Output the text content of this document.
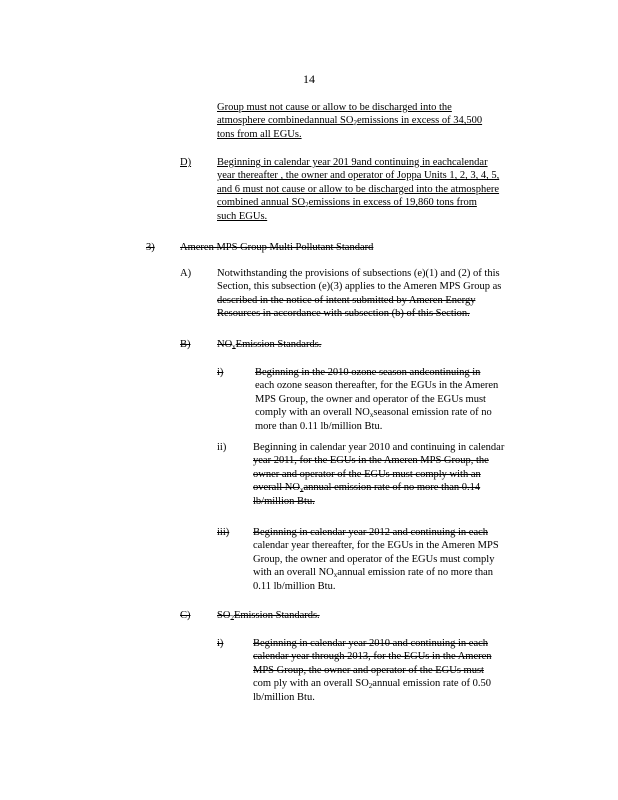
14
Group must not cause or allow to be discharged into the
atmosphere combinedannual $SO_2emissions$ in excess of 34,500
tons from all EGUs.
D) Beginning in calendar year 201 9and continuing in eachcalendar
year thereafter , the owner and operator of Joppa Units 1, 2, 3, 4, 5,
and 6 must not cause or allow to be discharged into the atmosphere
combined annual $SO_2emissions$ in excess of 19,860 tons from
such EGUs.
3) Ameren MPS Group Multi Pollutant Standard
A) Notwithstanding the provisions of subsections (e)(1) and (2) of this
Section, this subsection (e)(3) applies to the Ameren MPS Group as
described in the notice of intent submitted by Ameren Energy
Resources in accordance with subsection (b) of this Section.
B)	$NO_xEmission$ Standards.
i)	Beginning in the 2010 ozone season andcontinuing in
each ozone season thereafter, for the EGUs in the Ameren
MPS Group, the owner and operator of the EGUs must
comply with an overall $NO_xseasonal$ emission rate of no
more than 0.11 lb/million Btu.
ii)	Beginning in calendar year 2010 and continuing in calendar
year 2011, for the EGUs in the Ameren MPS Group, the
owner and operator of the EGUs must comply with an
overall $NO_xannual$ emission rate of no more than 0.14
lb/million Btu.
iii) Beginning in calendar year 2012 and continuing in each
calendar year thereafter, for the EGUs in the Ameren MPS
Group, the owner and operator of the EGUs must comply
with an overall $NO_xannual$ emission rate of no more than
0.11 lb/million Btu.
C)	$SO_2Emission$ Standards.
i)	Beginning in calendar year 2010 and continuing in each
calendar year through 2013, for the EGUs in the Ameren
MPS Group, the owner and operator of the EGUs must
com ply with an overall $SO_2annual$ emission rate of 0.50
lb/million Btu.
